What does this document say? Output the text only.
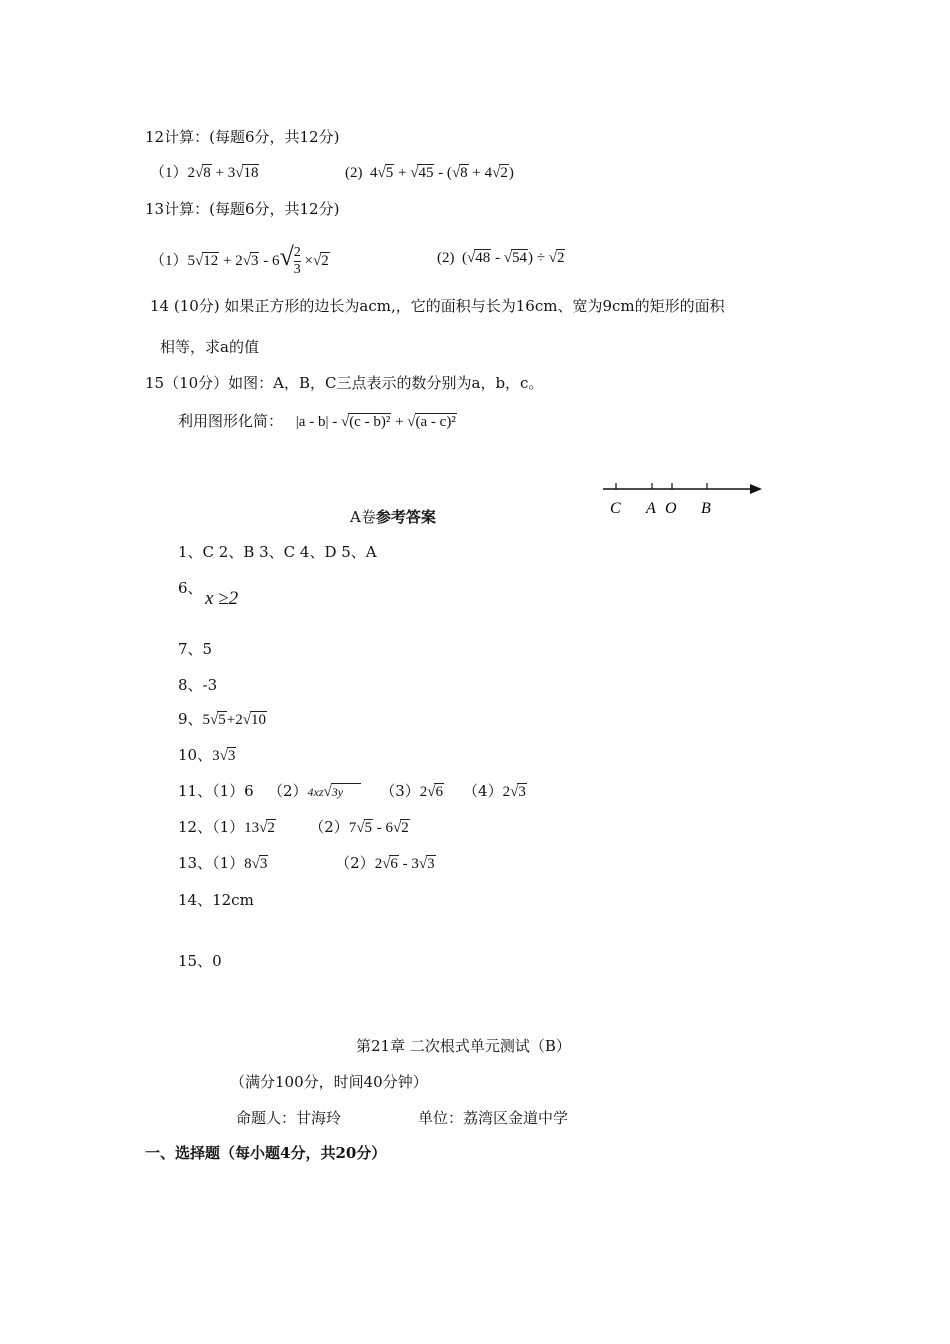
12计算：(每题6分，共12分)
（1）2√8 + 3√18	(2)  4√5 + √45 - (√8 + 4√2)
13计算：(每题6分，共12分)
$(1)5√12 + 2√3 - 6√ \frac{2}{3} \times√2$	(2)  (√48 - √54) ÷ √2
14 (10分) 如果正方形的边长为acm,，它的面积与长为16cm、宽为9cm的矩形的面积
相等，求a的值
15（10分）如图：A，B，C三点表示的数分别为a，b，c。
利用图形化简： |a - b| - √(c - b)² + √(a - c)²
C A O B
A卷参考答案
1、C 2、B 3、C 4、D 5、A
6、 x ≥2
7、5
8、-3
9、5√5+2√10
10、3√3
11、（1）6 （2）4xz√3y （3）2√6 （4）2√3
12、（1）13√2 （2）7√5 - 6√2
13、（1）8√3	（2）2√6 - 3√3
14、12cm
15、0
第21章 二次根式单元测试（B）
（满分100分，时间40分钟）
命题人：甘海玲	单位：荔湾区金道中学
一、选择题（每小题4分，共20分）
